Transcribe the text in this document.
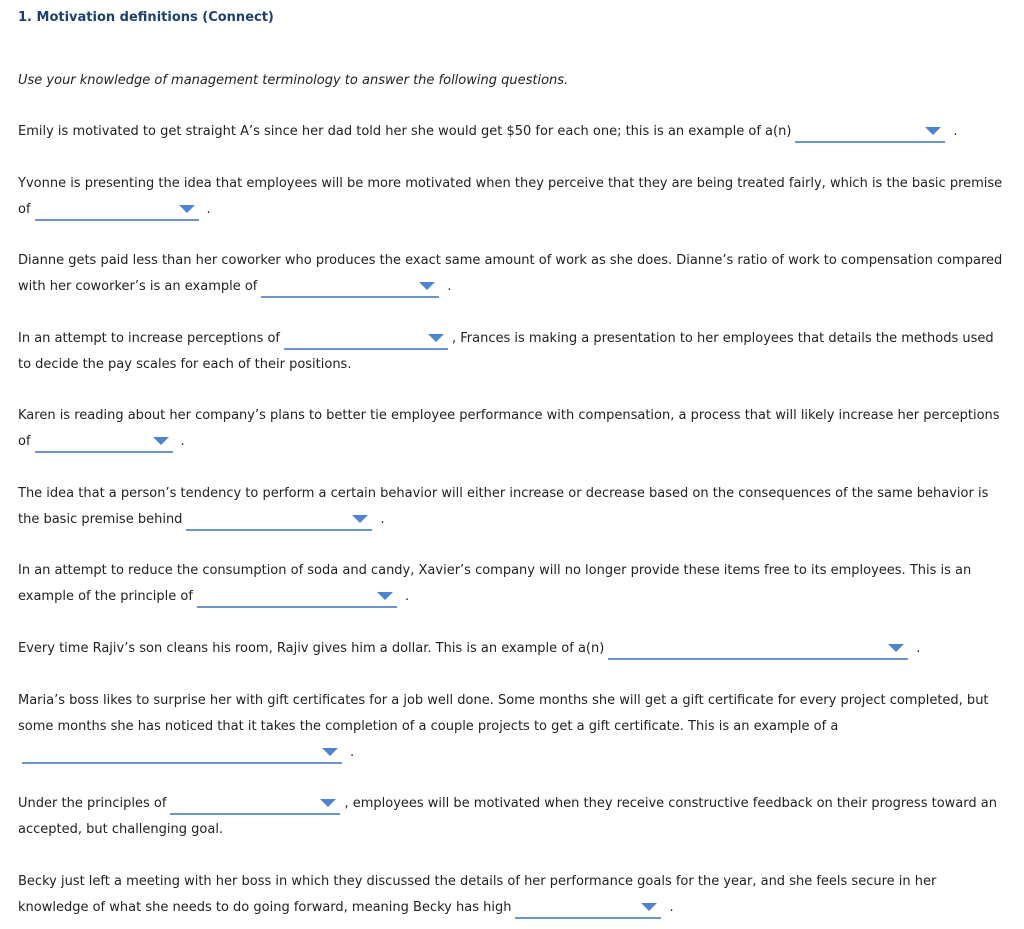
1. Motivation definitions (Connect)
Use your knowledge of management terminology to answer the following questions.
Emily is motivated to get straight A’s since her dad told her she would get $50 for each one; this is an example of a(n)	.
Yvonne is presenting the idea that employees will be more motivated when they perceive that they are being treated fairly, which is the basic premise of	.
Dianne gets paid less than her coworker who produces the exact same amount of work as she does. Dianne’s ratio of work to compensation compared with her coworker’s is an example of	.
In an attempt to increase perceptions of	, Frances is making a presentation to her employees that details the methods used to decide the pay scales for each of their positions.
Karen is reading about her company’s plans to better tie employee performance with compensation, a process that will likely increase her perceptions of	.
The idea that a person’s tendency to perform a certain behavior will either increase or decrease based on the consequences of the same behavior is the basic premise behind	.
In an attempt to reduce the consumption of soda and candy, Xavier’s company will no longer provide these items free to its employees. This is an example of the principle of	.
Every time Rajiv’s son cleans his room, Rajiv gives him a dollar. This is an example of a(n)	.
Maria’s boss likes to surprise her with gift certificates for a job well done. Some months she will get a gift certificate for every project completed, but some months she has noticed that it takes the completion of a couple projects to get a gift certificate. This is an example of a
.
Under the principles of	, employees will be motivated when they receive constructive feedback on their progress toward an accepted, but challenging goal.
Becky just left a meeting with her boss in which they discussed the details of her performance goals for the year, and she feels secure in her knowledge of what she needs to do going forward, meaning Becky has high	.
